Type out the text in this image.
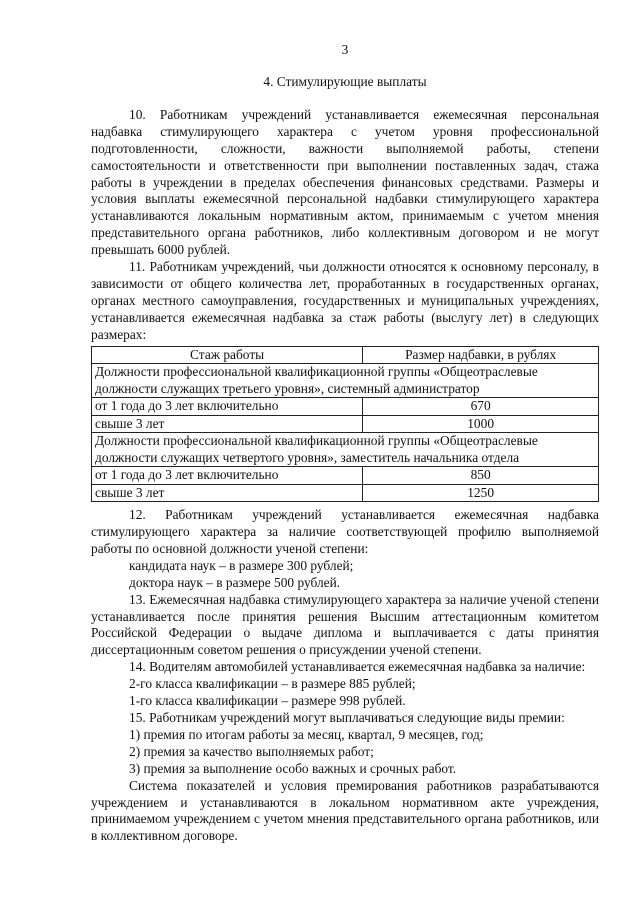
3
4. Стимулирующие выплаты

10. Работникам учреждений устанавливается ежемесячная персональная надбавка стимулирующего характера с учетом уровня профессиональной подготовленности, сложности, важности выполняемой работы, степени самостоятельности и ответственности при выполнении поставленных задач, стажа работы в учреждении в пределах обеспечения финансовых средствами. Размеры и условия выплаты ежемесячной персональной надбавки стимулирующего характера устанавливаются локальным нормативным актом, принимаемым с учетом мнения представительного органа работников, либо коллективным договором и не могут превышать 6000 рублей.

11. Работникам учреждений, чьи должности относятся к основному персоналу, в зависимости от общего количества лет, проработанных в государственных органах, органах местного самоуправления, государственных и муниципальных учреждениях, устанавливается ежемесячная надбавка за стаж работы (выслугу лет) в следующих размерах:

Стаж работы	Размер надбавки, в рублях
Должности профессиональной квалификационной группы «Общеотраслевые должности служащих третьего уровня», системный администратор	
от 1 года до 3 лет включительно	670
свыше 3 лет	1000
Должности профессиональной квалификационной группы «Общеотраслевые должности служащих четвертого уровня», заместитель начальника отдела	
от 1 года до 3 лет включительно	850
свыше 3 лет	1250

12. Работникам учреждений устанавливается ежемесячная надбавка стимулирующего характера за наличие соответствующей профилю выполняемой работы по основной должности ученой степени:

кандидата наук – в размере 300 рублей;

доктора наук – в размере 500 рублей.

13. Ежемесячная надбавка стимулирующего характера за наличие ученой степени устанавливается после принятия решения Высшим аттестационным комитетом Российской Федерации о выдаче диплома и выплачивается с даты принятия диссертационным советом решения о присуждении ученой степени.

14. Водителям автомобилей устанавливается ежемесячная надбавка за наличие:

2-го класса квалификации – в размере 885 рублей;

1-го класса квалификации – размере 998 рублей.

15. Работникам учреждений могут выплачиваться следующие виды премии:

1) премия по итогам работы за месяц, квартал, 9 месяцев, год;

2) премия за качество выполняемых работ;

3) премия за выполнение особо важных и срочных работ.

Система показателей и условия премирования работников разрабатываются учреждением и устанавливаются в локальном нормативном акте учреждения, принимаемом учреждением с учетом мнения представительного органа работников, или в коллективном договоре.
